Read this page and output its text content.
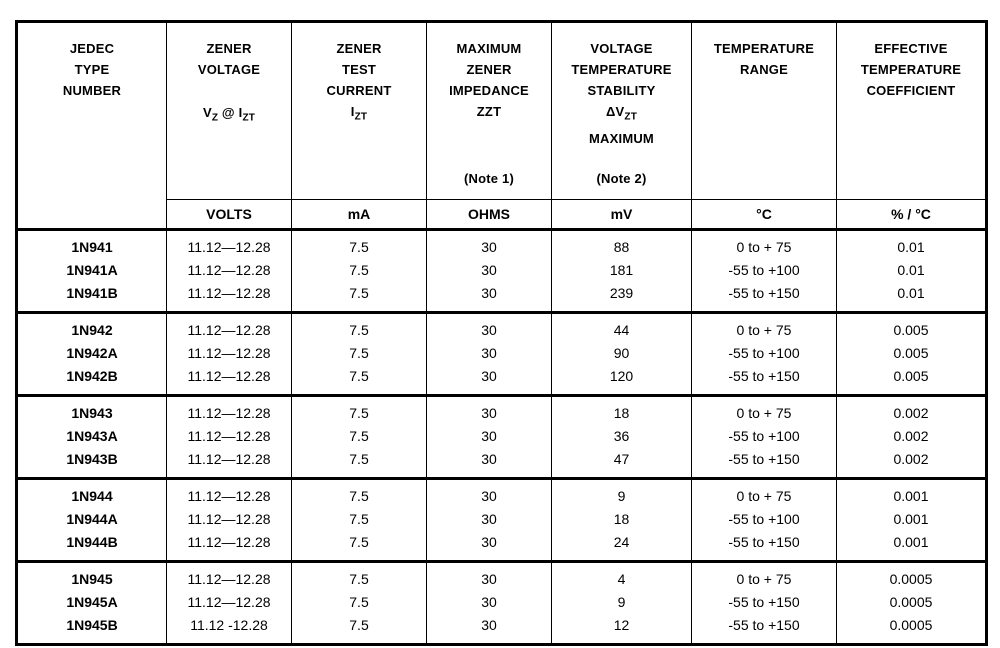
JEDEC
TYPE
NUMBER

ZENER
VOLTAGE
$V_Z$ @ $I_{ZT}$

ZENER
TEST
CURRENT
$I_{ZT}$

MAXIMUM
ZENER
IMPEDANCE
ZZT
(Note 1)

VOLTAGE
TEMPERATURE
STABILITY
$\Delta V_{ZT}$
MAXIMUM
(Note 2)

TEMPERATURE
RANGE

EFFECTIVE
TEMPERATURE
COEFFICIENT

	VOLTS	mA	OHMS	mV	°C	% / °C
1N941	11.12—12.28	7.5	30	88	0 to + 75	0.01
1N941A	11.12—12.28	7.5	30	181	-55 to +100	0.01
1N941B	11.12—12.28	7.5	30	239	-55 to +150	0.01
1N942	11.12—12.28	7.5	30	44	0 to + 75	0.005
1N942A	11.12—12.28	7.5	30	90	-55 to +100	0.005
1N942B	11.12—12.28	7.5	30	120	-55 to +150	0.005
1N943	11.12—12.28	7.5	30	18	0 to + 75	0.002
1N943A	11.12—12.28	7.5	30	36	-55 to +100	0.002
1N943B	11.12—12.28	7.5	30	47	-55 to +150	0.002
1N944	11.12—12.28	7.5	30	9	0 to + 75	0.001
1N944A	11.12—12.28	7.5	30	18	-55 to +100	0.001
1N944B	11.12—12.28	7.5	30	24	-55 to +150	0.001
1N945	11.12—12.28	7.5	30	4	0 to + 75	0.0005
1N945A	11.12—12.28	7.5	30	9	-55 to +150	0.0005
1N945B	11.12 -12.28	7.5	30	12	-55 to +150	0.0005
